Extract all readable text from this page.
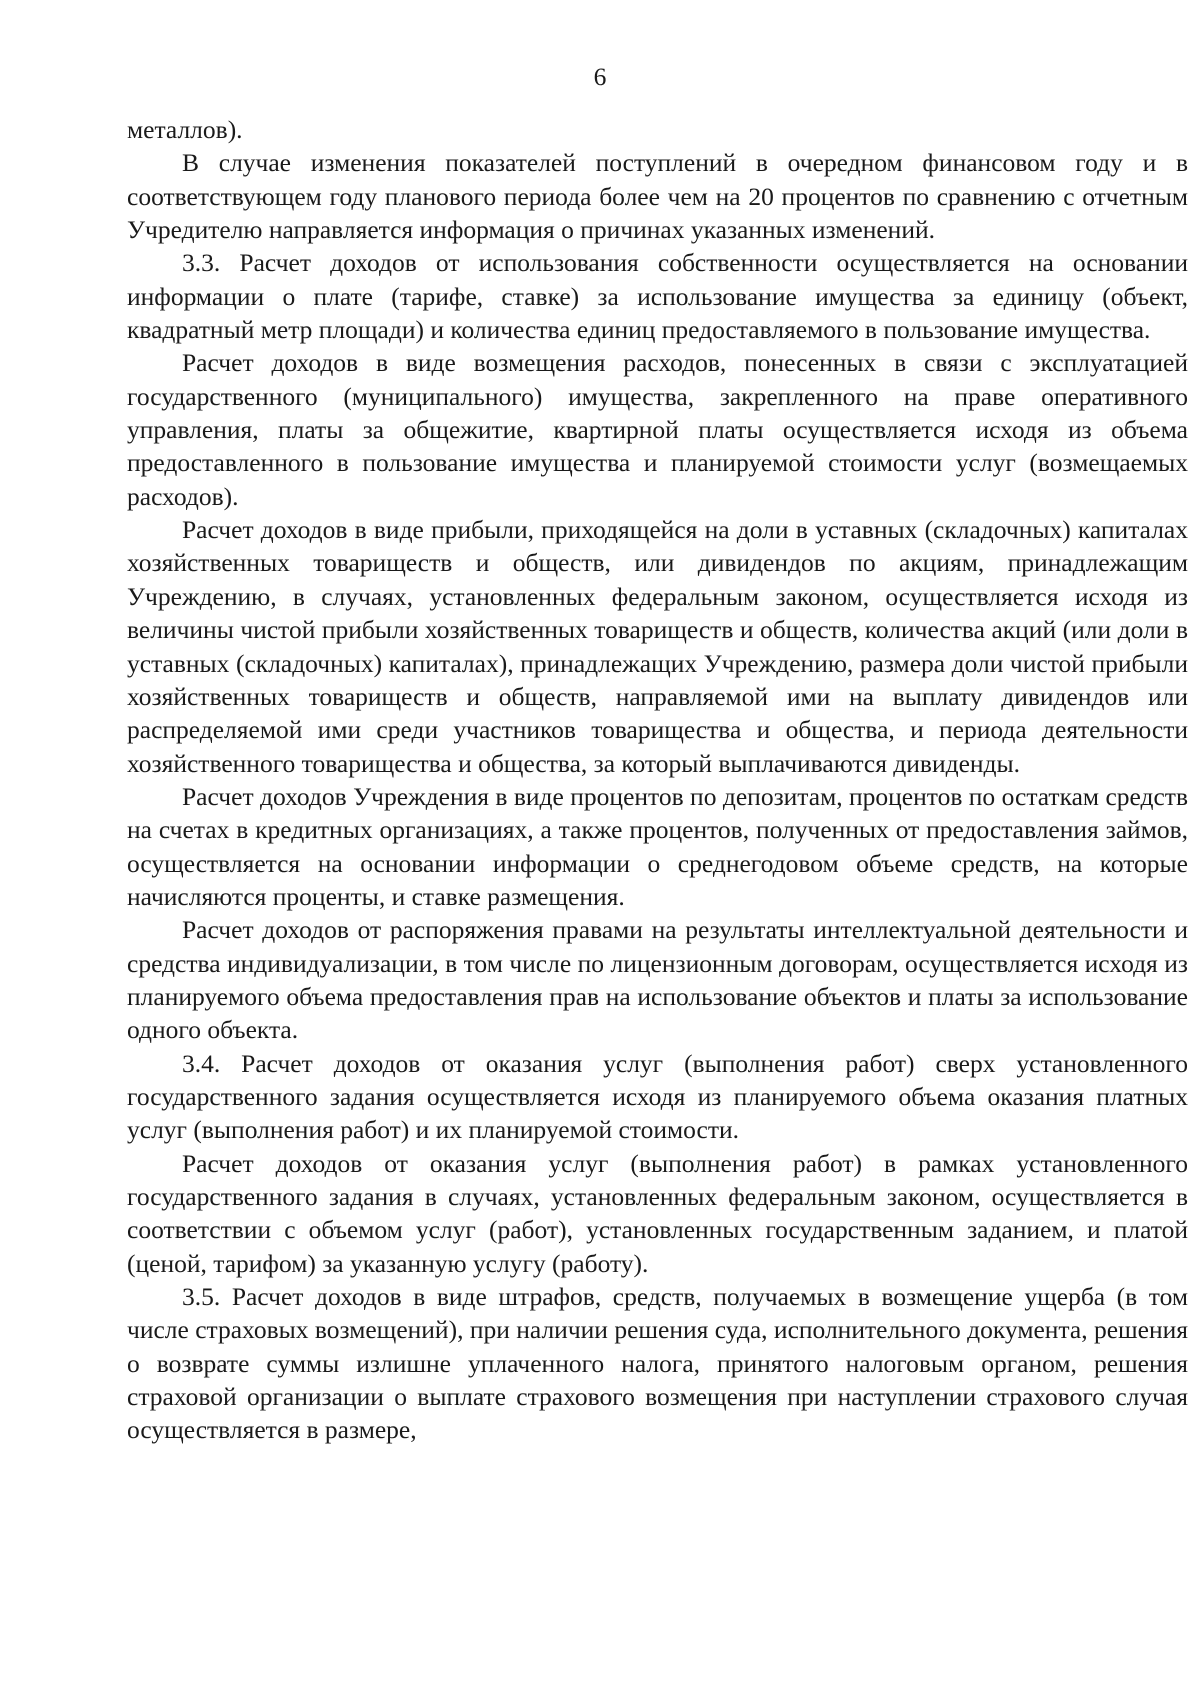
6

металлов).

В случае изменения показателей поступлений в очередном финансовом году и в соответствующем году планового периода более чем на 20 процентов по сравнению с отчетным Учредителю направляется информация о причинах указанных изменений.

3.3. Расчет доходов от использования собственности осуществляется на основании информации о плате (тарифе, ставке) за использование имущества за единицу (объект, квадратный метр площади) и количества единиц предоставляемого в пользование имущества.

Расчет доходов в виде возмещения расходов, понесенных в связи с эксплуатацией государственного (муниципального) имущества, закрепленного на праве оперативного управления, платы за общежитие, квартирной платы осуществляется исходя из объема предоставленного в пользование имущества и планируемой стоимости услуг (возмещаемых расходов).

Расчет доходов в виде прибыли, приходящейся на доли в уставных (складочных) капиталах хозяйственных товариществ и обществ, или дивидендов по акциям, принадлежащим Учреждению, в случаях, установленных федеральным законом, осуществляется исходя из величины чистой прибыли хозяйственных товариществ и обществ, количества акций (или доли в уставных (складочных) капиталах), принадлежащих Учреждению, размера доли чистой прибыли хозяйственных товариществ и обществ, направляемой ими на выплату дивидендов или распределяемой ими среди участников товарищества и общества, и периода деятельности хозяйственного товарищества и общества, за который выплачиваются дивиденды.

Расчет доходов Учреждения в виде процентов по депозитам, процентов по остаткам средств на счетах в кредитных организациях, а также процентов, полученных от предоставления займов, осуществляется на основании информации о среднегодовом объеме средств, на которые начисляются проценты, и ставке размещения.

Расчет доходов от распоряжения правами на результаты интеллектуальной деятельности и средства индивидуализации, в том числе по лицензионным договорам, осуществляется исходя из планируемого объема предоставления прав на использование объектов и платы за использование одного объекта.

3.4. Расчет доходов от оказания услуг (выполнения работ) сверх установленного государственного задания осуществляется исходя из планируемого объема оказания платных услуг (выполнения работ) и их планируемой стоимости.

Расчет доходов от оказания услуг (выполнения работ) в рамках установленного государственного задания в случаях, установленных федеральным законом, осуществляется в соответствии с объемом услуг (работ), установленных государственным заданием, и платой (ценой, тарифом) за указанную услугу (работу).

3.5. Расчет доходов в виде штрафов, средств, получаемых в возмещение ущерба (в том числе страховых возмещений), при наличии решения суда, исполнительного документа, решения о возврате суммы излишне уплаченного налога, принятого налоговым органом, решения страховой организации о выплате страхового возмещения при наступлении страхового случая осуществляется в размере,
